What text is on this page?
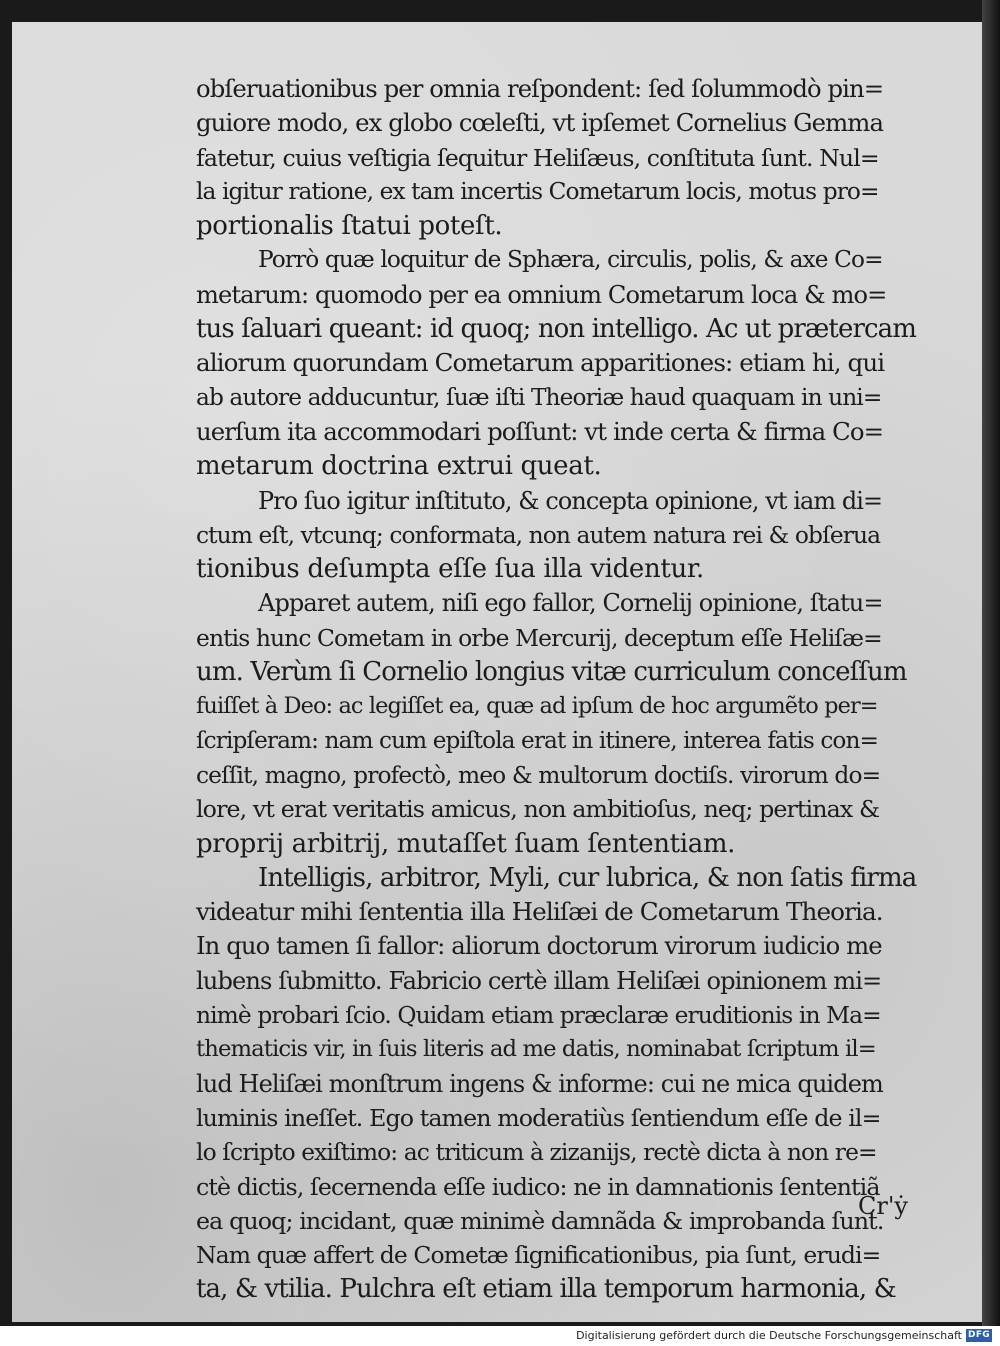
obſeruationibus per omnia reſpondent: ſed ſolummodò pin=
guiore modo, ex globo cœleſti, vt ipſemet Cornelius Gemma
fatetur, cuius veſtigia ſequitur Heliſæus, conſtituta ſunt. Nul=
la igitur ratione, ex tam incertis Cometarum locis, motus pro=
portionalis ſtatui poteſt.
Porrò quæ loquitur de Sphæra, circulis, polis, & axe Co=
metarum: quomodo per ea omnium Cometarum loca & mo=
tus ſaluari queant: id quoq; non intelligo. Ac ut prætercam
aliorum quorundam Cometarum apparitiones: etiam hi, qui
ab autore adducuntur, ſuæ iſti Theoriæ haud quaquam in uni=
uerſum ita accommodari poſſunt: vt inde certa & firma Co=
metarum doctrina extrui queat.
Pro ſuo igitur inſtituto, & concepta opinione, vt iam di=
ctum eſt, vtcunq; conformata, non autem natura rei & obſerua
tionibus deſumpta eſſe ſua illa videntur.
Apparet autem, niſi ego fallor, Cornelij opinione, ſtatu=
entis hunc Cometam in orbe Mercurij, deceptum eſſe Heliſæ=
um. Verùm ſi Cornelio longius vitæ curriculum conceſſum
fuiſſet à Deo: ac legiſſet ea, quæ ad ipſum de hoc argumẽto per=
ſcripſeram: nam cum epiſtola erat in itinere, interea fatis con=
ceſſit, magno, profectò, meo & multorum doctiſs. virorum do=
lore, vt erat veritatis amicus, non ambitioſus, neq; pertinax &
proprij arbitrij, mutaſſet ſuam ſententiam.
Intelligis, arbitror, Myli, cur lubrica, & non ſatis firma
videatur mihi ſententia illa Heliſæi de Cometarum Theoria.
In quo tamen ſi fallor: aliorum doctorum virorum iudicio me
lubens ſubmitto. Fabricio certè illam Heliſæi opinionem mi=
nimè probari ſcio. Quidam etiam præclaræ eruditionis in Ma=
thematicis vir, in ſuis literis ad me datis, nominabat ſcriptum il=
lud Heliſæi monſtrum ingens & informe: cui ne mica quidem
luminis ineſſet. Ego tamen moderatiùs ſentiendum eſſe de il=
lo ſcripto exiſtimo: ac triticum à zizanijs, rectè dicta à non re=
ctè dictis, ſecernenda eſſe iudico: ne in damnationis ſententiã
ea quoq; incidant, quæ minimè damnãda & improbanda ſunt.
Nam quæ affert de Cometæ ſignificationibus, pia ſunt, erudi=
ta, & vtilia. Pulchra eſt etiam illa temporum harmonia, &
Cr'ẏ
Digitalisierung gefördert durch die Deutsche Forschungsgemeinschaft DFG
